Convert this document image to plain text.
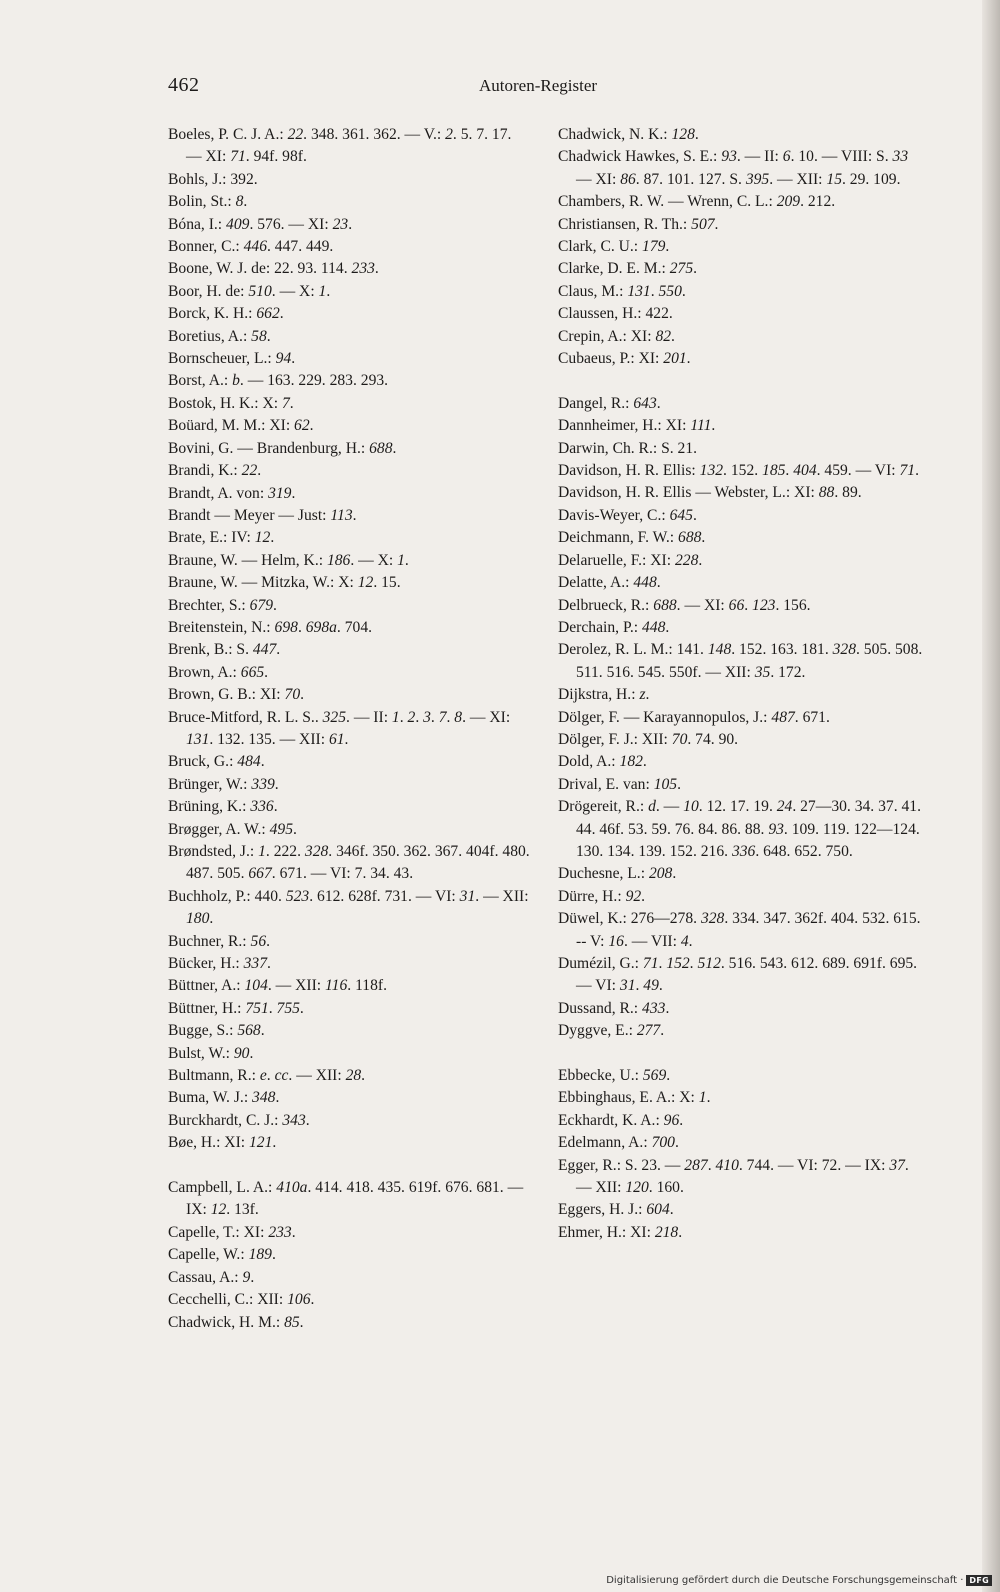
462	Autoren-Register
Boeles, P. C. J. A.: 22. 348. 361. 362. — V.: 2. 5. 7. 17. — XI: 71. 94f. 98f.
Bohls, J.: 392.
Bolin, St.: 8.
Bóna, I.: 409. 576. — XI: 23.
Bonner, C.: 446. 447. 449.
Boone, W. J. de: 22. 93. 114. 233.
Boor, H. de: 510. — X: 1.
Borck, K. H.: 662.
Boretius, A.: 58.
Bornscheuer, L.: 94.
Borst, A.: b. — 163. 229. 283. 293.
Bostok, H. K.: X: 7.
Boüard, M. M.: XI: 62.
Bovini, G. — Brandenburg, H.: 688.
Brandi, K.: 22.
Brandt, A. von: 319.
Brandt — Meyer — Just: 113.
Brate, E.: IV: 12.
Braune, W. — Helm, K.: 186. — X: 1.
Braune, W. — Mitzka, W.: X: 12. 15.
Brechter, S.: 679.
Breitenstein, N.: 698. 698a. 704.
Brenk, B.: S. 447.
Brown, A.: 665.
Brown, G. B.: XI: 70.
Bruce-Mitford, R. L. S.. 325. — II: 1. 2. 3. 7. 8. — XI: 131. 132. 135. — XII: 61.
Bruck, G.: 484.
Brünger, W.: 339.
Brüning, K.: 336.
Brøgger, A. W.: 495.
Brøndsted, J.: 1. 222. 328. 346f. 350. 362. 367. 404f. 480. 487. 505. 667. 671. — VI: 7. 34. 43.
Buchholz, P.: 440. 523. 612. 628f. 731. — VI: 31. — XII: 180.
Buchner, R.: 56.
Bücker, H.: 337.
Büttner, A.: 104. — XII: 116. 118f.
Büttner, H.: 751. 755.
Bugge, S.: 568.
Bulst, W.: 90.
Bultmann, R.: e. cc. — XII: 28.
Buma, W. J.: 348.
Burckhardt, C. J.: 343.
Bøe, H.: XI: 121.
Campbell, L. A.: 410a. 414. 418. 435. 619f. 676. 681. — IX: 12. 13f.
Capelle, T.: XI: 233.
Capelle, W.: 189.
Cassau, A.: 9.
Cecchelli, C.: XII: 106.
Chadwick, H. M.: 85.
Chadwick, N. K.: 128.
Chadwick Hawkes, S. E.: 93. — II: 6. 10. — VIII: S. 33 — XI: 86. 87. 101. 127. S. 395. — XII: 15. 29. 109.
Chambers, R. W. — Wrenn, C. L.: 209. 212.
Christiansen, R. Th.: 507.
Clark, C. U.: 179.
Clarke, D. E. M.: 275.
Claus, M.: 131. 550.
Claussen, H.: 422.
Crepin, A.: XI: 82.
Cubaeus, P.: XI: 201.
Dangel, R.: 643.
Dannheimer, H.: XI: 111.
Darwin, Ch. R.: S. 21.
Davidson, H. R. Ellis: 132. 152. 185. 404. 459. — VI: 71.
Davidson, H. R. Ellis — Webster, L.: XI: 88. 89.
Davis-Weyer, C.: 645.
Deichmann, F. W.: 688.
Delaruelle, F.: XI: 228.
Delatte, A.: 448.
Delbrueck, R.: 688. — XI: 66. 123. 156.
Derchain, P.: 448.
Derolez, R. L. M.: 141. 148. 152. 163. 181. 328. 505. 508. 511. 516. 545. 550f. — XII: 35. 172.
Dijkstra, H.: z.
Dölger, F. — Karayannopulos, J.: 487. 671.
Dölger, F. J.: XII: 70. 74. 90.
Dold, A.: 182.
Drival, E. van: 105.
Drögereit, R.: d. — 10. 12. 17. 19. 24. 27—30. 34. 37. 41. 44. 46f. 53. 59. 76. 84. 86. 88. 93. 109. 119. 122—124. 130. 134. 139. 152. 216. 336. 648. 652. 750.
Duchesne, L.: 208.
Dürre, H.: 92.
Düwel, K.: 276—278. 328. 334. 347. 362f. 404. 532. 615. -- V: 16. — VII: 4.
Dumézil, G.: 71. 152. 512. 516. 543. 612. 689. 691f. 695. — VI: 31. 49.
Dussand, R.: 433.
Dyggve, E.: 277.
Ebbecke, U.: 569.
Ebbinghaus, E. A.: X: 1.
Eckhardt, K. A.: 96.
Edelmann, A.: 700.
Egger, R.: S. 23. — 287. 410. 744. — VI: 72. — IX: 37. — XII: 120. 160.
Eggers, H. J.: 604.
Ehmer, H.: XI: 218.
Digitalisierung gefördert durch die Deutsche Forschungsgemeinschaft · DFG
